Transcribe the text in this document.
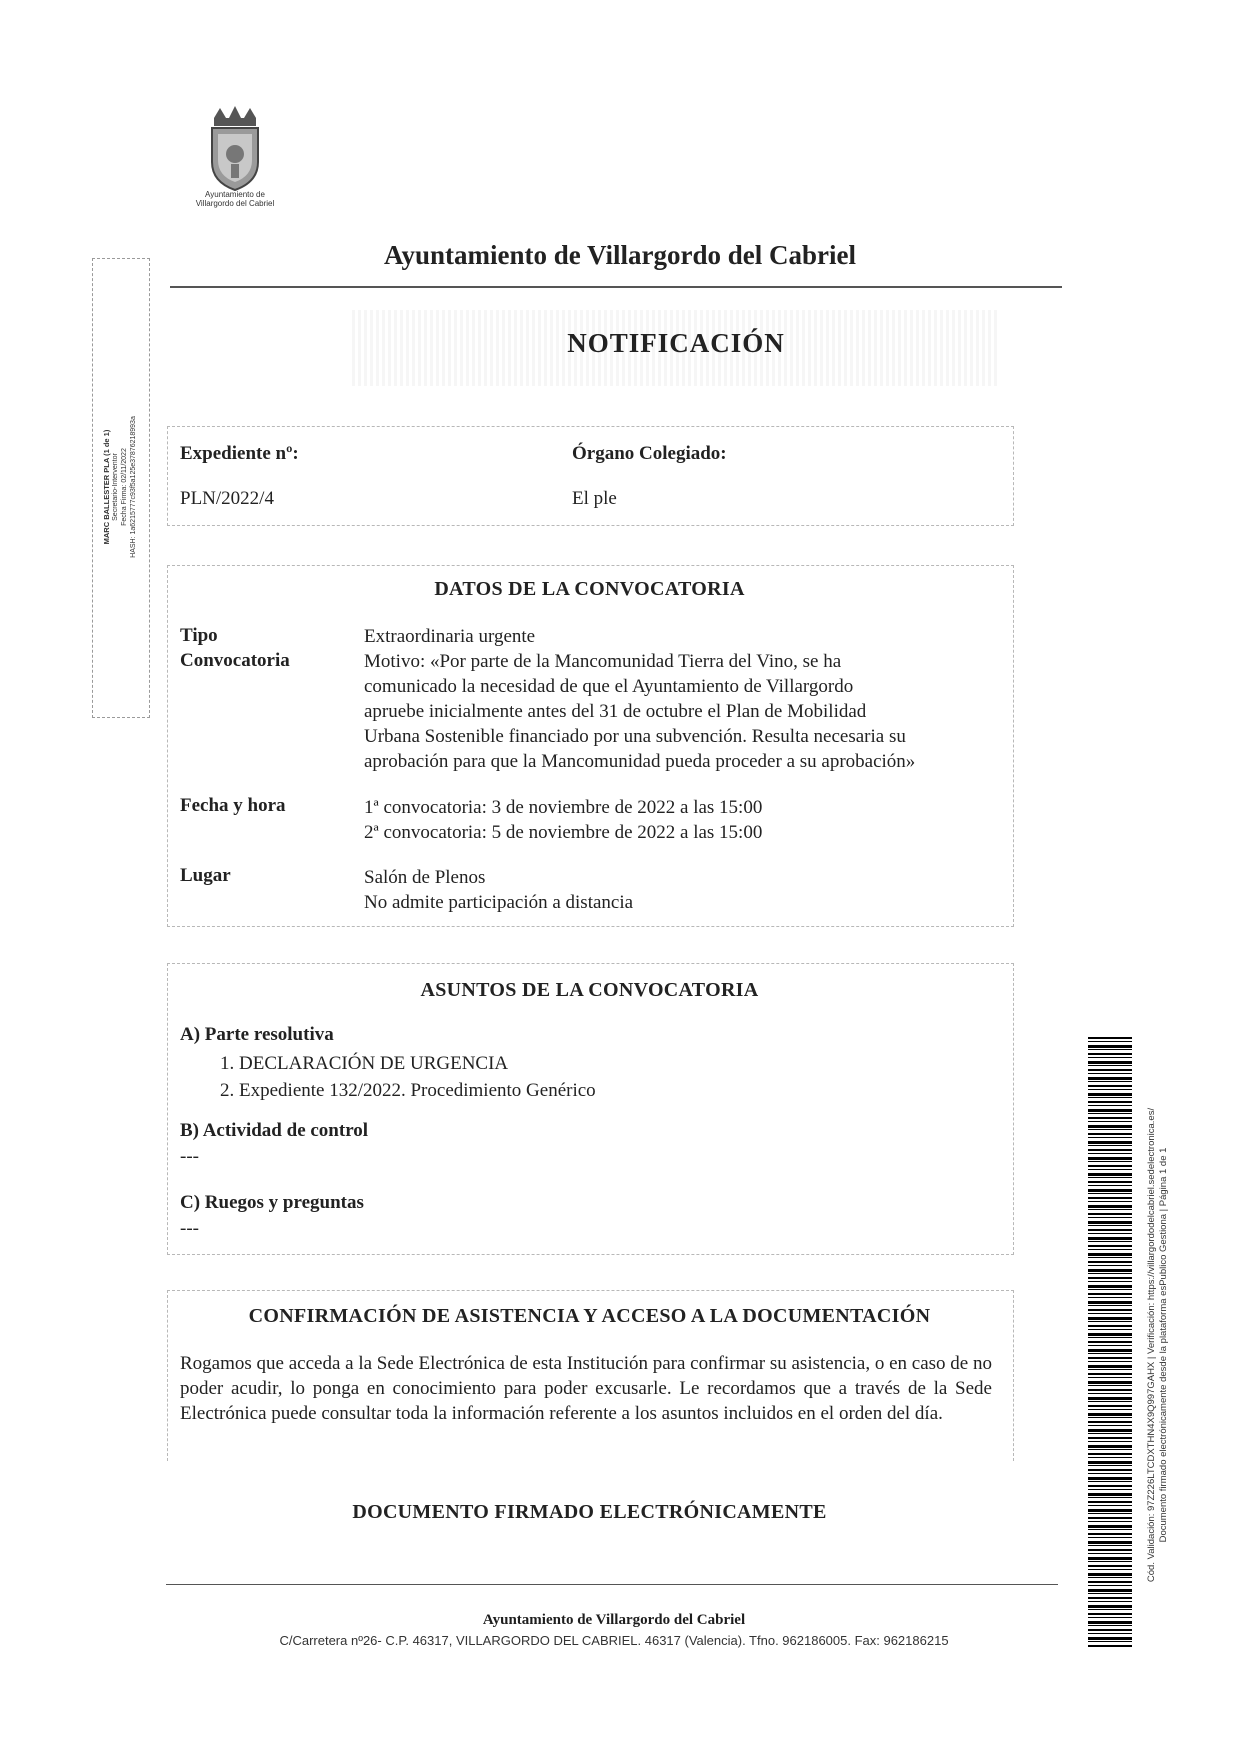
Ayuntamiento de
Villargordo del Cabriel
MARC BALLESTER PLA (1 de 1) Secretario-Interventor Fecha Firma: 02/11/2022 HASH: 1a6215777c93f5a125e37876218993a
Ayuntamiento de Villargordo del Cabriel
NOTIFICACIÓN
Expediente nº:
PLN/2022/4
Órgano Colegiado:
El ple
DATOS DE LA CONVOCATORIA
Tipo
Convocatoria
Extraordinaria urgente
Motivo: «Por parte de la Mancomunidad Tierra del Vino, se ha
comunicado la necesidad de que el Ayuntamiento de Villargordo
apruebe inicialmente antes del 31 de octubre el Plan de Mobilidad
Urbana Sostenible financiado por una subvención. Resulta necesaria su
aprobación para que la Mancomunidad pueda proceder a su aprobación»
Fecha y hora	1ª convocatoria: 3 de noviembre de 2022 a las 15:00
2ª convocatoria: 5 de noviembre de 2022 a las 15:00
Lugar	Salón de Plenos
No admite participación a distancia
ASUNTOS DE LA CONVOCATORIA
A) Parte resolutiva
1. DECLARACIÓN DE URGENCIA
2. Expediente 132/2022. Procedimiento Genérico
B) Actividad de control
---
C) Ruegos y preguntas
---
CONFIRMACIÓN DE ASISTENCIA Y ACCESO A LA DOCUMENTACIÓN
Rogamos que acceda a la Sede Electrónica de esta Institución para confirmar su asistencia, o en caso de no poder acudir, lo ponga en conocimiento para poder excusarle. Le recordamos que a través de la Sede Electrónica puede consultar toda la información referente a los asuntos incluidos en el orden del día.
DOCUMENTO FIRMADO ELECTRÓNICAMENTE
Ayuntamiento de Villargordo del Cabriel
C/Carretera nº26- C.P. 46317, VILLARGORDO DEL CABRIEL. 46317 (Valencia). Tfno. 962186005. Fax: 962186215
Cód. Validación: 97Z226LTCDXTHN4X9Q997GAHX | Verificación: https://villargordodelcabriel.sedelectronica.es/ Documento firmado electrónicamente desde la plataforma esPublico Gestiona | Página 1 de 1
